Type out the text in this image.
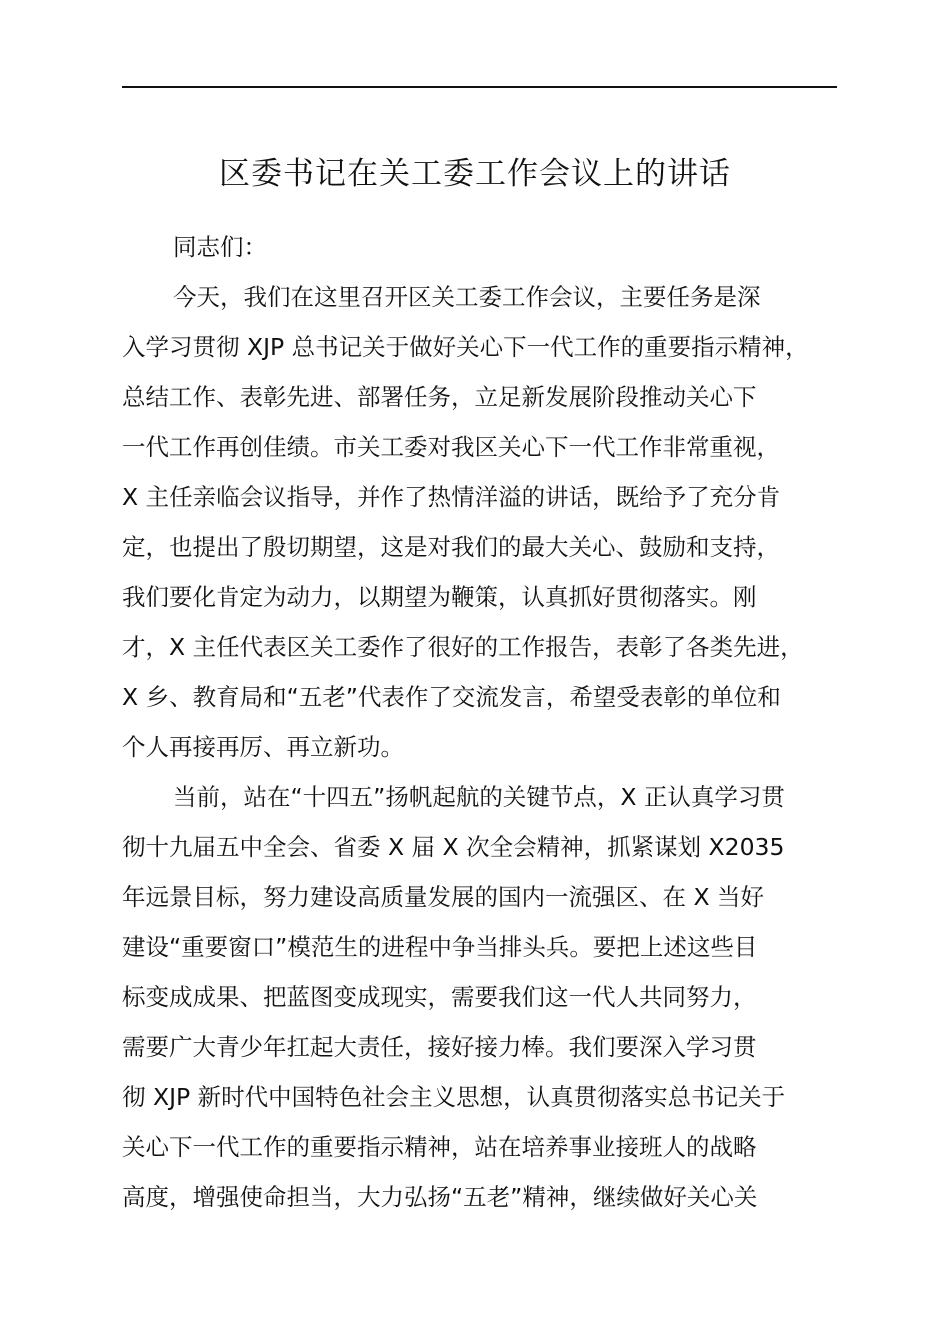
区委书记在关工委工作会议上的讲话

同志们：

今天，我们在这里召开区关工委工作会议，主要任务是深

入学习贯彻 XJP 总书记关于做好关心下一代工作的重要指示精神，

总结工作、表彰先进、部署任务，立足新发展阶段推动关心下

一代工作再创佳绩。市关工委对我区关心下一代工作非常重视，

X 主任亲临会议指导，并作了热情洋溢的讲话，既给予了充分肯

定，也提出了殷切期望，这是对我们的最大关心、鼓励和支持，

我们要化肯定为动力，以期望为鞭策，认真抓好贯彻落实。刚

才，X 主任代表区关工委作了很好的工作报告，表彰了各类先进，

X 乡、教育局和“五老”代表作了交流发言，希望受表彰的单位和

个人再接再厉、再立新功。

当前，站在“十四五”扬帆起航的关键节点，X 正认真学习贯

彻十九届五中全会、省委 X 届 X 次全会精神，抓紧谋划 X2035

年远景目标，努力建设高质量发展的国内一流强区、在 X 当好

建设“重要窗口”模范生的进程中争当排头兵。要把上述这些目

标变成成果、把蓝图变成现实，需要我们这一代人共同努力，

需要广大青少年扛起大责任，接好接力棒。我们要深入学习贯

彻 XJP 新时代中国特色社会主义思想，认真贯彻落实总书记关于

关心下一代工作的重要指示精神，站在培养事业接班人的战略

高度，增强使命担当，大力弘扬“五老”精神，继续做好关心关
